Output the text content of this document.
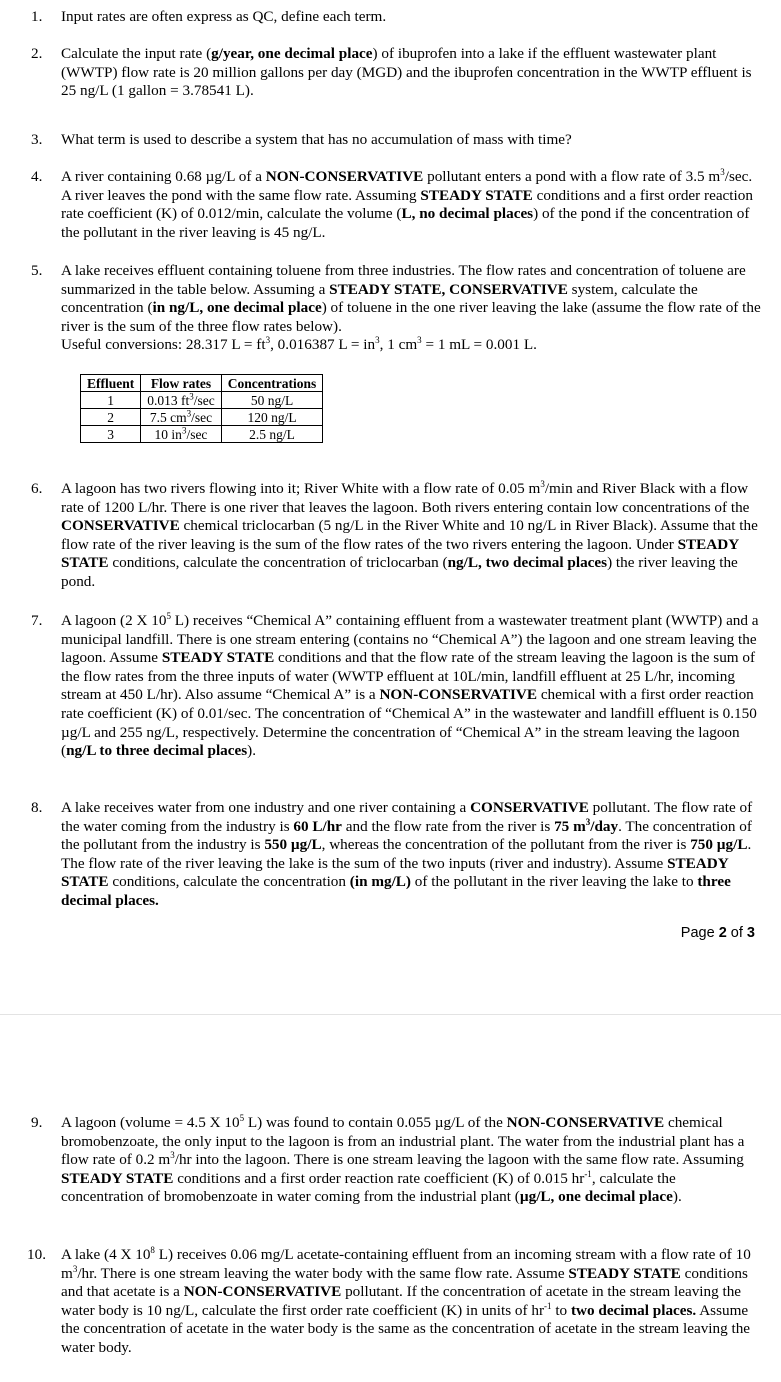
1.	Input rates are often express as QC, define each term.
2.	Calculate the input rate (g/year, one decimal place) of ibuprofen into a lake if the effluent wastewater plant (WWTP) flow rate is 20 million gallons per day (MGD) and the ibuprofen concentration in the WWTP effluent is 25 ng/L (1 gallon = 3.78541 L).
3.	What term is used to describe a system that has no accumulation of mass with time?
4.	A river containing 0.68 µg/L of a NON-CONSERVATIVE pollutant enters a pond with a flow rate of 3.5 $m^3/\sec$. A river leaves the pond with the same flow rate. Assuming STEADY STATE conditions and a first order reaction rate coefficient (K) of 0.012/min, calculate the volume (L, no decimal places) of the pond if the concentration of the pollutant in the river leaving is 45 ng/L.
5.	A lake receives effluent containing toluene from three industries. The flow rates and concentration of toluene are summarized in the table below. Assuming a STEADY STATE, CONSERVATIVE system, calculate the concentration (in ng/L, one decimal place) of toluene in the one river leaving the lake (assume the flow rate of the river is the sum of the three flow rates below).
Useful conversions: 28.317 $L = ft^3$, 0.016387 $L = in^3$, 1 $cm^3 = 1$ mL = 0.001 L.
Effluent	Flow rates	Concentrations
1	0.013 $ft^3/\sec$	50 ng/L
2	7.5 $cm^3/\sec$	120 ng/L
3	10 $in^3/\sec$	2.5 ng/L
6.	A lagoon has two rivers flowing into it; River White with a flow rate of 0.05 $m^3/\min$ and River Black with a flow rate of 1200 L/hr. There is one river that leaves the lagoon. Both rivers entering contain low concentrations of the CONSERVATIVE chemical triclocarban (5 ng/L in the River White and 10 ng/L in River Black). Assume that the flow rate of the river leaving is the sum of the flow rates of the two rivers entering the lagoon. Under STEADY STATE conditions, calculate the concentration of triclocarban (ng/L, two decimal places) the river leaving the pond.
7.	A lagoon (2 X $10^5$ L) receives “Chemical A” containing effluent from a wastewater treatment plant (WWTP) and a municipal landfill. There is one stream entering (contains no “Chemical A”) the lagoon and one stream leaving the lagoon. Assume STEADY STATE conditions and that the flow rate of the stream leaving the lagoon is the sum of the flow rates from the three inputs of water (WWTP effluent at 10L/min, landfill effluent at 25 L/hr, incoming stream at 450 L/hr). Also assume “Chemical A” is a NON-CONSERVATIVE chemical with a first order reaction rate coefficient (K) of 0.01/sec. The concentration of “Chemical A” in the wastewater and landfill effluent is 0.150 µg/L and 255 ng/L, respectively. Determine the concentration of “Chemical A” in the stream leaving the lagoon (ng/L to three decimal places).
8.	A lake receives water from one industry and one river containing a CONSERVATIVE pollutant. The flow rate of the water coming from the industry is 60 L/hr and the flow rate from the river is 75 $m^3$/day. The concentration of the pollutant from the industry is 550 µg/L, whereas the concentration of the pollutant from the river is 750 µg/L. The flow rate of the river leaving the lake is the sum of the two inputs (river and industry). Assume STEADY STATE conditions, calculate the concentration (in mg/L) of the pollutant in the river leaving the lake to three decimal places.
Page 2 of 3
9.	A lagoon (volume = 4.5 X $10^5$ L) was found to contain 0.055 µg/L of the NON-CONSERVATIVE chemical bromobenzoate, the only input to the lagoon is from an industrial plant. The water from the industrial plant has a flow rate of 0.2 $m^3/hr$ into the lagoon. There is one stream leaving the lagoon with the same flow rate. Assuming STEADY STATE conditions and a first order reaction rate coefficient (K) of 0.015 $hr^{-1}$, calculate the concentration of bromobenzoate in water coming from the industrial plant (µg/L, one decimal place).
10. A lake (4 X $10^8$ L) receives 0.06 mg/L acetate-containing effluent from an incoming stream with a flow rate of 10 $m^3/hr$. There is one stream leaving the water body with the same flow rate. Assume STEADY STATE conditions and that acetate is a NON-CONSERVATIVE pollutant. If the concentration of acetate in the stream leaving the water body is 10 ng/L, calculate the first order rate coefficient (K) in units of $hr^{-1}$ to two decimal places. Assume the concentration of acetate in the water body is the same as the concentration of acetate in the stream leaving the water body.
